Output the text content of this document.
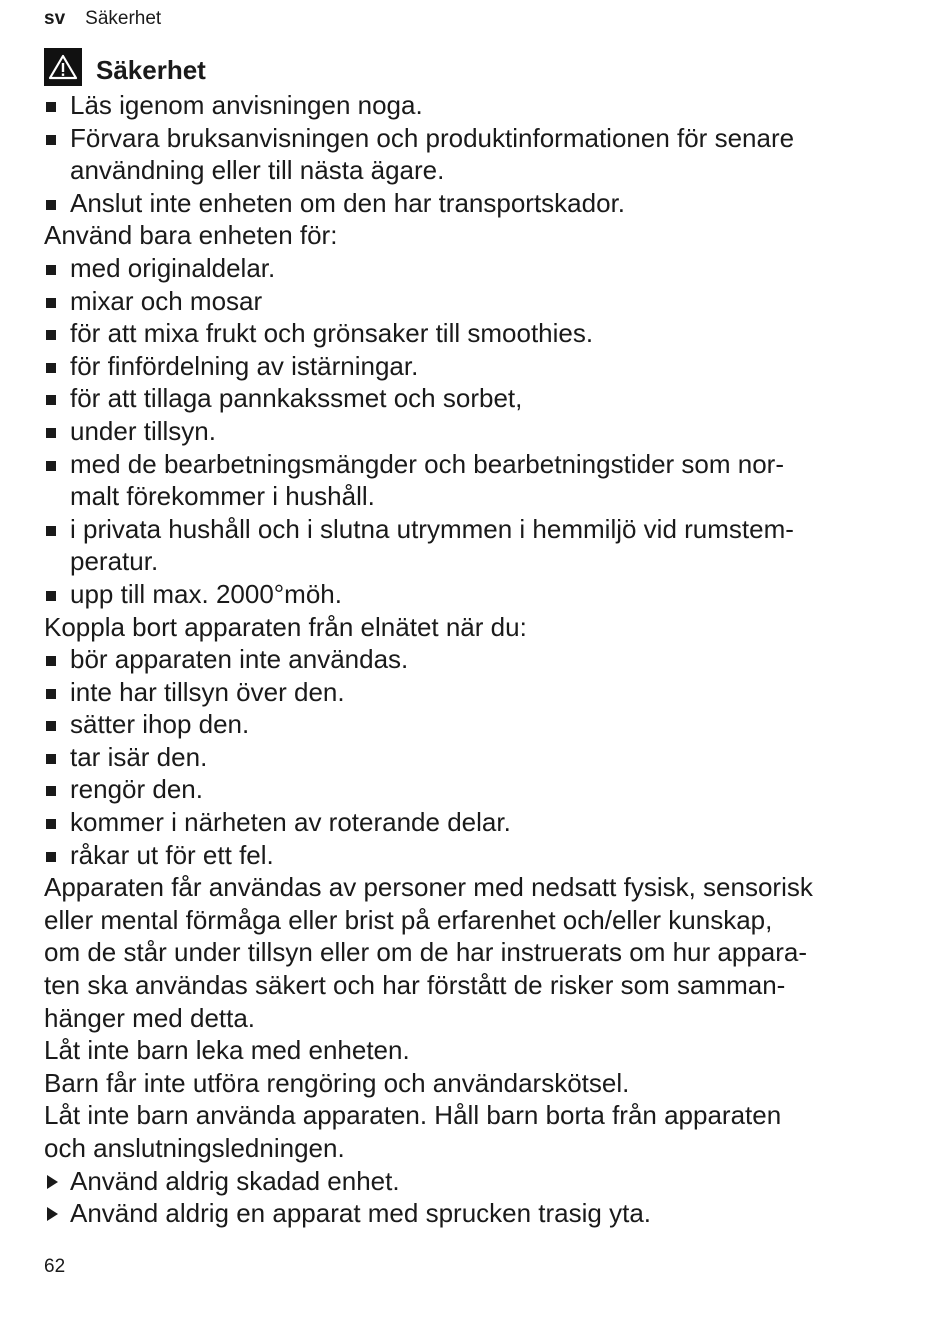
sv Säkerhet
Säkerhet
Läs igenom anvisningen noga.
Förvara bruksanvisningen och produktinformationen för senare
användning eller till nästa ägare.
Anslut inte enheten om den har transportskador.
Använd bara enheten för:
med originaldelar.
mixar och mosar
för att mixa frukt och grönsaker till smoothies.
för finfördelning av istärningar.
för att tillaga pannkakssmet och sorbet,
under tillsyn.
med de bearbetningsmängder och bearbetningstider som nor-
malt förekommer i hushåll.
i privata hushåll och i slutna utrymmen i hemmiljö vid rumstem-
peratur.
upp till max. 2000°möh.
Koppla bort apparaten från elnätet när du:
bör apparaten inte användas.
inte har tillsyn över den.
sätter ihop den.
tar isär den.
rengör den.
kommer i närheten av roterande delar.
råkar ut för ett fel.
Apparaten får användas av personer med nedsatt fysisk, sensorisk
eller mental förmåga eller brist på erfarenhet och/eller kunskap,
om de står under tillsyn eller om de har instruerats om hur appara-
ten ska användas säkert och har förstått de risker som samman-
hänger med detta.
Låt inte barn leka med enheten.
Barn får inte utföra rengöring och användarskötsel.
Låt inte barn använda apparaten. Håll barn borta från apparaten
och anslutningsledningen.
Använd aldrig skadad enhet.
Använd aldrig en apparat med sprucken trasig yta.
62
